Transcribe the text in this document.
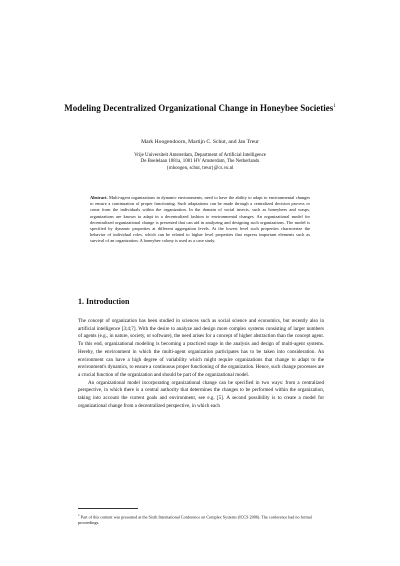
Modeling Decentralized Organizational Change in Honeybee Societies$^1$
Mark Hoogendoorn, Martijn C. Schut, and Jan Treur
Vrije Universiteit Amsterdam, Department of Artificial Intelligence
De Boelelaan 1081a, 1081 HV Amsterdam, The Netherlands
{mhoogen, schut, treur}@cs.vu.nl
Abstract. Multi-agent organizations in dynamic environments, need to have the ability to adapt to environmental changes to ensure a continuation of proper functioning. Such adaptations can be made through a centralized decision process or come from the individuals within the organization. In the domain of social insects, such as honeybees and wasps, organizations are known to adapt in a decentralized fashion to environmental changes. An organizational model for decentralized organizational change is presented that can aid in analyzing and designing such organizations. The model is specified by dynamic properties at different aggregation levels. At the lowest level such properties characterize the behavior of individual roles, which can be related to higher level properties that express important elements such as survival of an organization. A honeybee colony is used as a case study.
1. Introduction

The concept of organization has been studied in sciences such as social science and economics, but recently also in artificial intelligence [3;4;7]. With the desire to analyze and design more complex systems consisting of larger numbers of agents (e.g., in nature, society, or software), the need arises for a concept of higher abstraction than the concept agent. To this end, organizational modeling is becoming a practiced stage in the analysis and design of multi-agent systems. Hereby, the environment in which the multi-agent organization participates has to be taken into consideration. An environment can have a high degree of variability which might require organizations that change to adapt to the environment's dynamics, to ensure a continuous proper functioning of the organization. Hence, such change processes are a crucial function of the organization and should be part of the organizational model.

An organizational model incorporating organizational change can be specified in two ways: from a centralized perspective, in which there is a central authority that determines the changes to be performed within the organization, taking into account the current goals and environment, see e.g. [5]. A second possibility is to create a model for organizational change from a decentralized perspective, in which each

$^1$ Part of this content was presented at the Sixth International Conference on Complex Systems (ICCS 2006). The conference had no formal proceedings.
